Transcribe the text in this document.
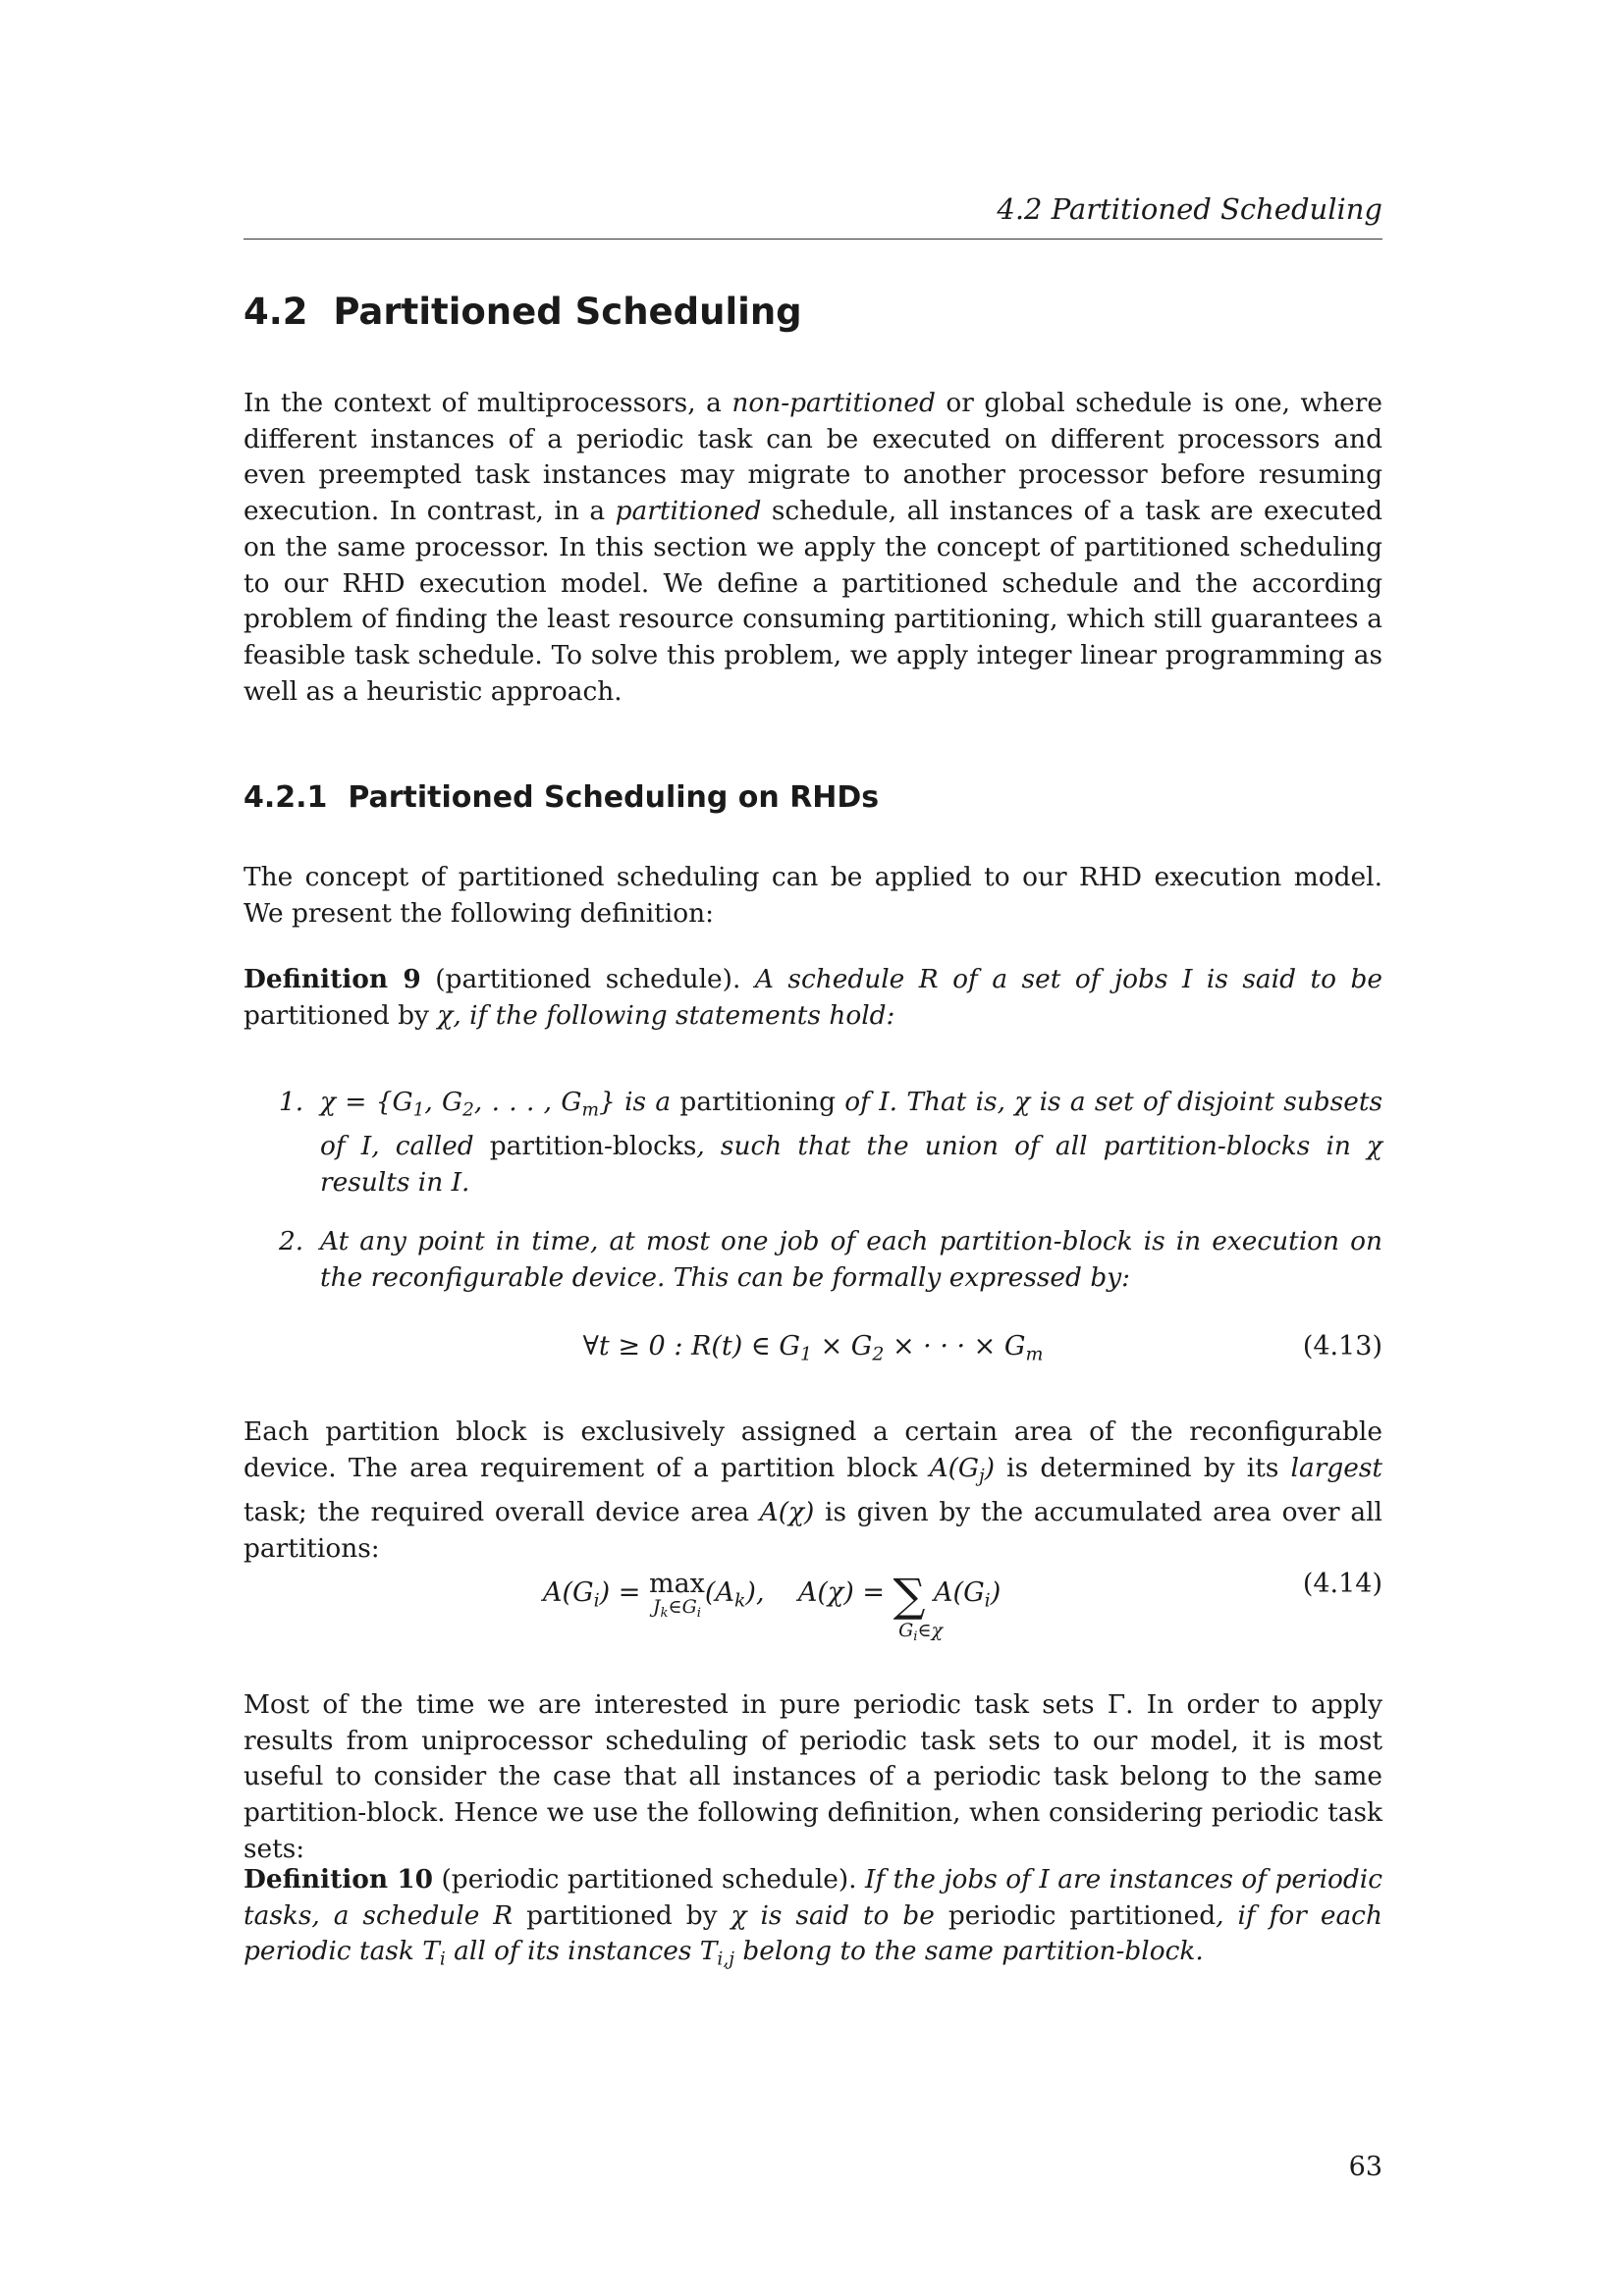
4.2 Partitioned Scheduling
4.2 Partitioned Scheduling
In the context of multiprocessors, a non-partitioned or global schedule is one, where different instances of a periodic task can be executed on different processors and even preempted task instances may migrate to another processor before resuming execution. In contrast, in a partitioned schedule, all instances of a task are executed on the same processor. In this section we apply the concept of partitioned scheduling to our RHD execution model. We define a partitioned schedule and the according problem of finding the least resource consuming partitioning, which still guarantees a feasible task schedule. To solve this problem, we apply integer linear programming as well as a heuristic approach.
4.2.1 Partitioned Scheduling on RHDs
The concept of partitioned scheduling can be applied to our RHD execution model. We present the following definition:
Definition 9 (partitioned schedule). A schedule R of a set of jobs I is said to be partitioned by χ, if the following statements hold:
1. $\chi = \{G_1$, $G_2$, . . . , $G_m$} is a partitioning of I. That is, χ is a set of disjoint subsets of I, called partition-blocks, such that the union of all partition-blocks in χ results in I.
2. At any point in time, at most one job of each partition-block is in execution on the reconfigurable device. This can be formally expressed by:
∀t ≥ 0 : R(t) ∈ $G_1 \times G_2$ × · · · × $G_m$	(4.13)
Each partition block is exclusively assigned a certain area of the reconfigurable device. The area requirement of a partition block $A(G_j)$ is determined by its largest task; the required overall device area A(χ) is given by the accumulated area over all partitions:
$A(G_i) = \max$
$J_k\in G_i$
$(A_k)$, A(χ) = ∑
$G_i\in\chi$
$A(G_i)$	(4.14)
Most of the time we are interested in pure periodic task sets Γ. In order to apply results from uniprocessor scheduling of periodic task sets to our model, it is most useful to consider the case that all instances of a periodic task belong to the same partition-block. Hence we use the following definition, when considering periodic task sets:
Definition 10 (periodic partitioned schedule). If the jobs of I are instances of periodic tasks, a schedule R partitioned by χ is said to be periodic partitioned, if for each periodic task $T_i$ all of its instances $T_{i,j}$ belong to the same partition-block.
63
